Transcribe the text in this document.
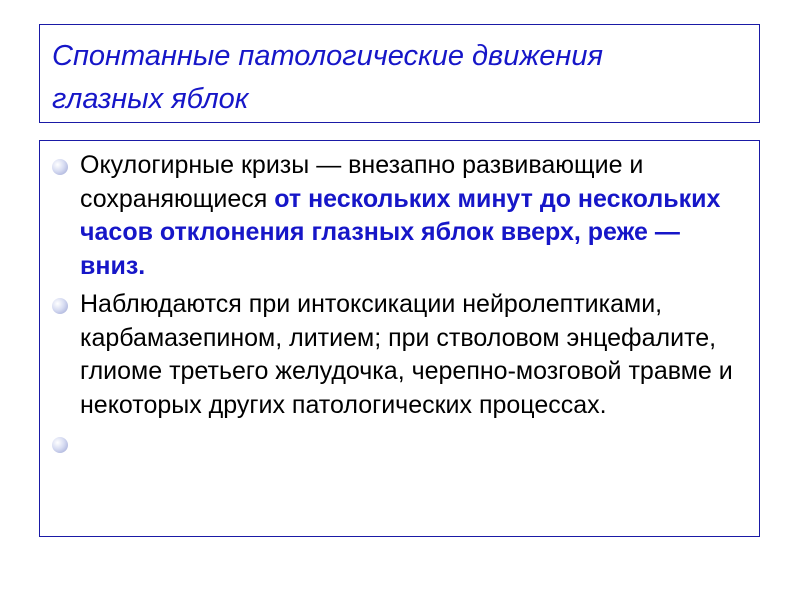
Спонтанные патологические движения глазных яблок
Окулогирные кризы — внезапно развивающие и сохраняющиеся от нескольких минут до нескольких часов отклонения глазных яблок вверх, реже — вниз.
Наблюдаются при интоксикации нейролептиками, карбамазепином, литием; при стволовом энцефалите, глиоме третьего желудочка, черепно-мозговой травме и некоторых других патологических процессах.
